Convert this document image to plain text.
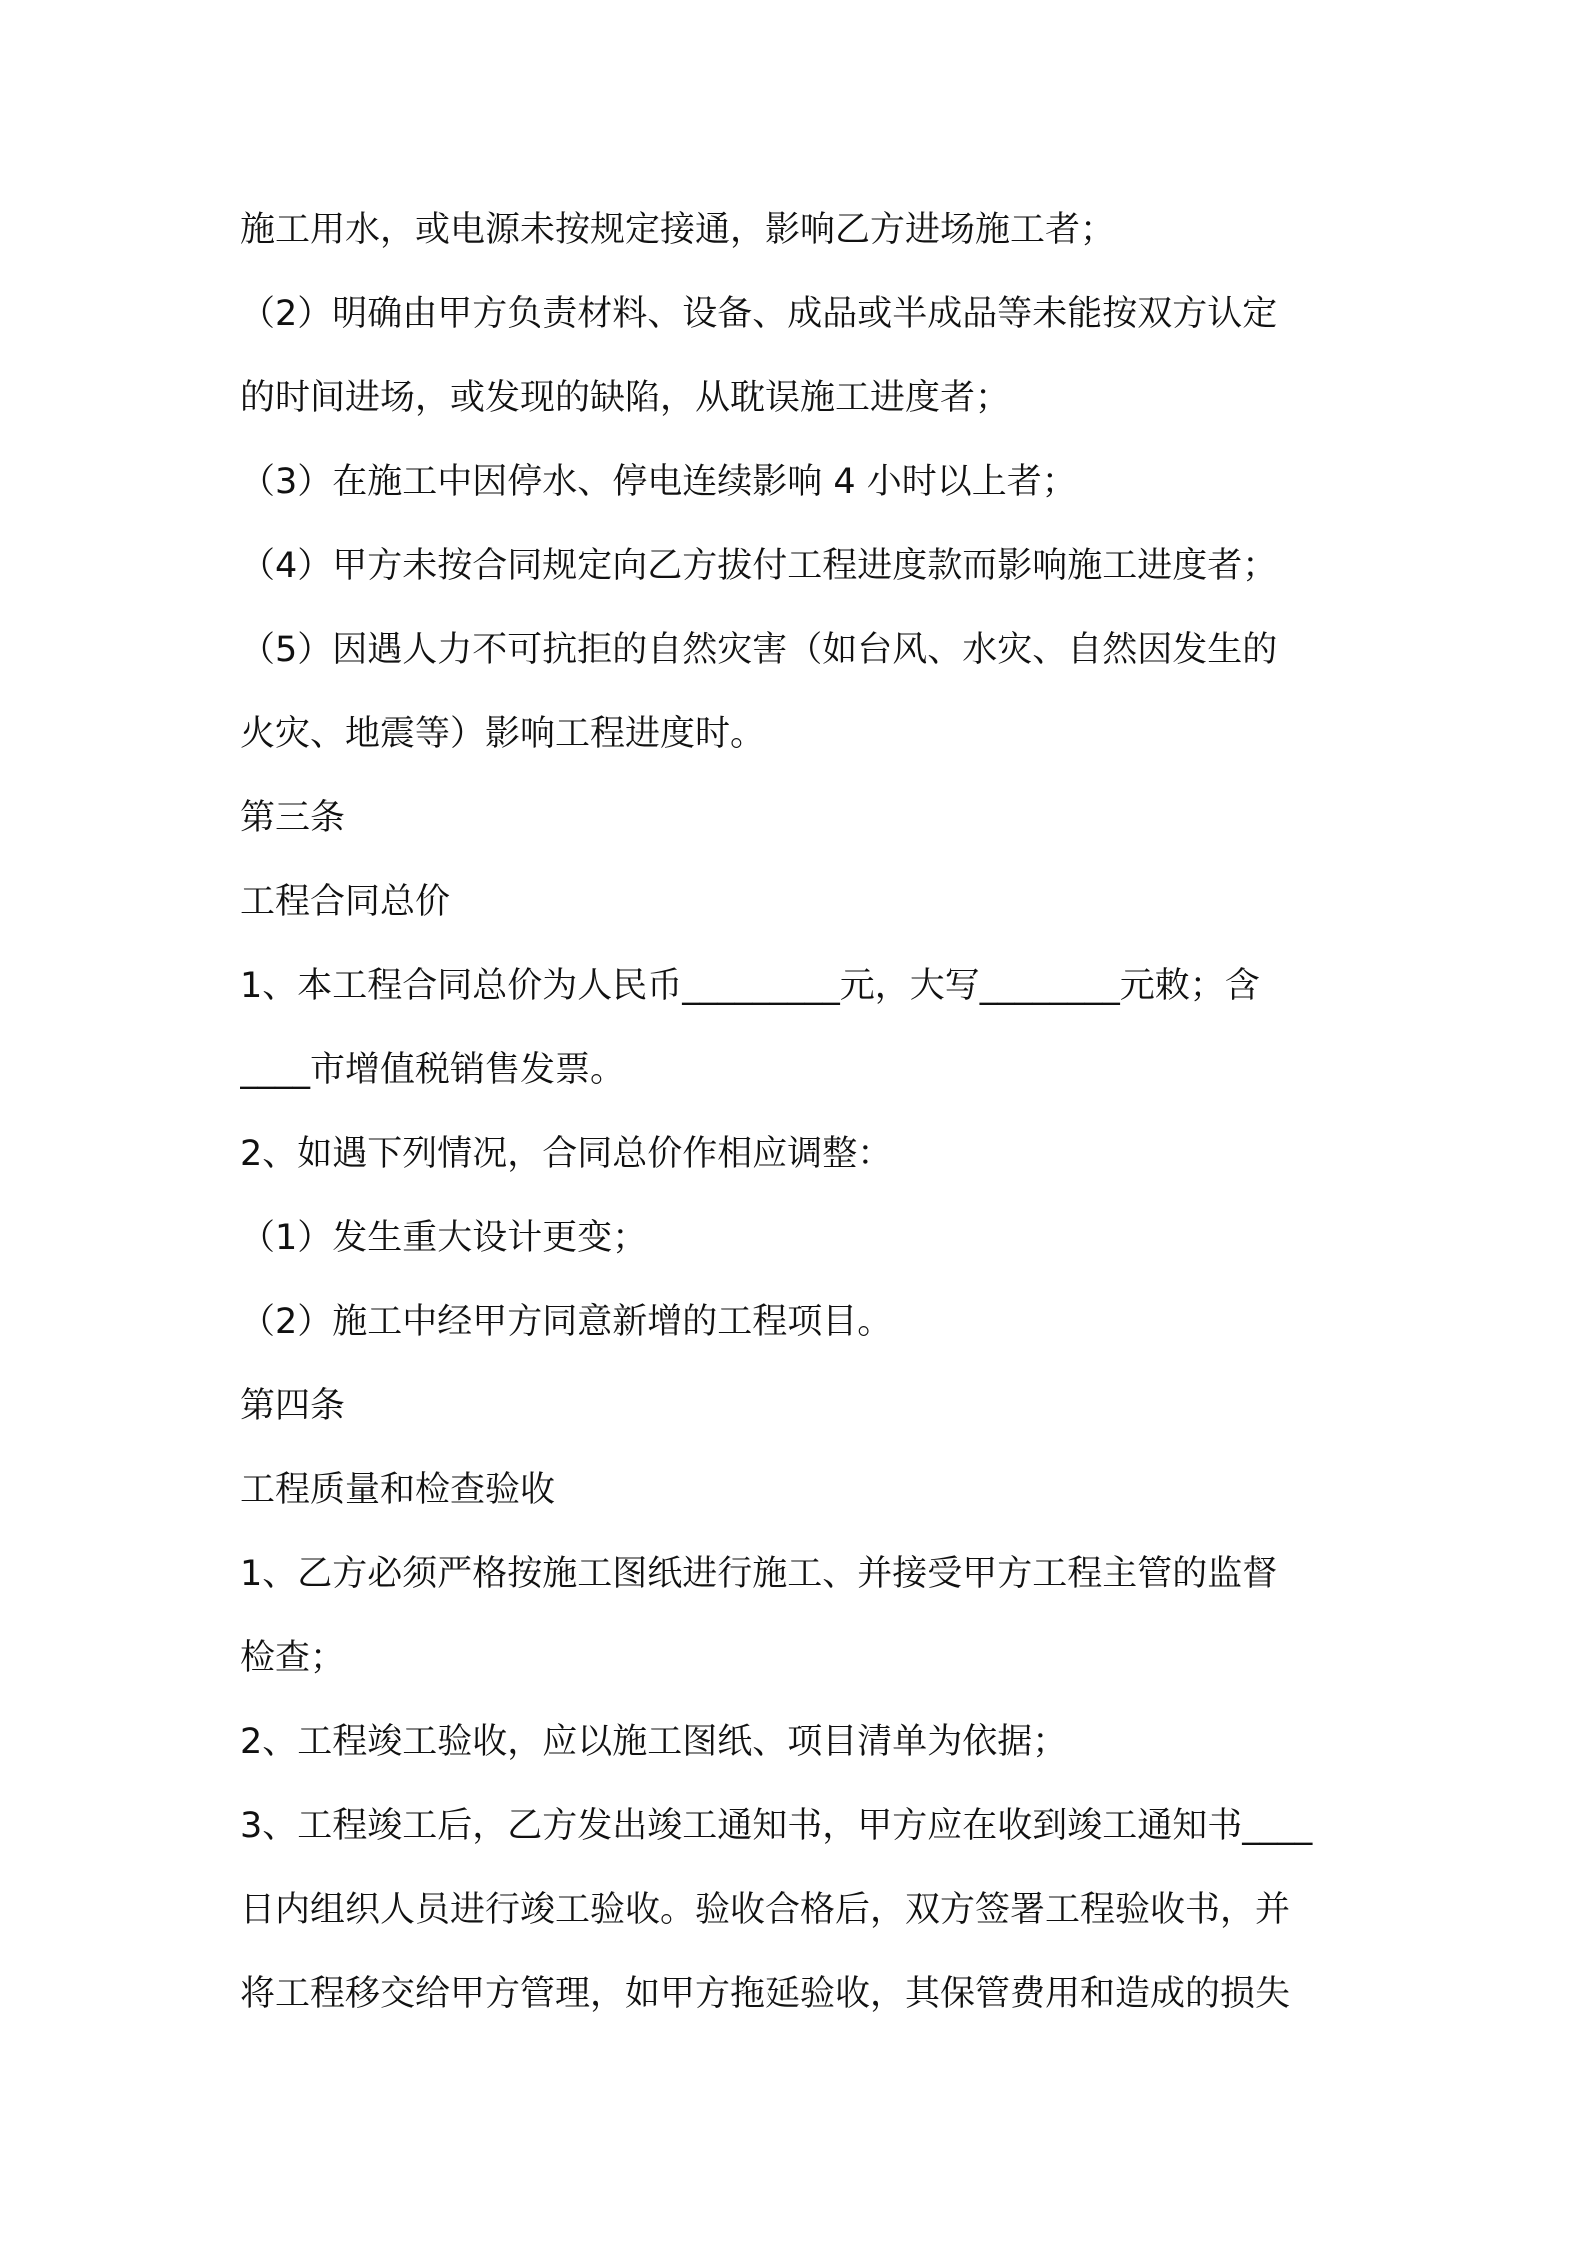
施工用水，或电源未按规定接通，影响乙方进场施工者；
（2）明确由甲方负责材料、设备、成品或半成品等未能按双方认定
的时间进场，或发现的缺陷，从耽误施工进度者；
（3）在施工中因停水、停电连续影响 4 小时以上者；
（4）甲方未按合同规定向乙方拔付工程进度款而影响施工进度者；
（5）因遇人力不可抗拒的自然灾害（如台风、水灾、自然因发生的
火灾、地震等）影响工程进度时。
第三条
工程合同总价
1、本工程合同总价为人民币_________元，大写________元敕；含
____市增值税销售发票。
2、如遇下列情况，合同总价作相应调整：
（1）发生重大设计更变；
（2）施工中经甲方同意新增的工程项目。
第四条
工程质量和检查验收
1、乙方必须严格按施工图纸进行施工、并接受甲方工程主管的监督
检查；
2、工程竣工验收，应以施工图纸、项目清单为依据；
3、工程竣工后，乙方发出竣工通知书，甲方应在收到竣工通知书____
日内组织人员进行竣工验收。验收合格后，双方签署工程验收书，并
将工程移交给甲方管理，如甲方拖延验收，其保管费用和造成的损失
